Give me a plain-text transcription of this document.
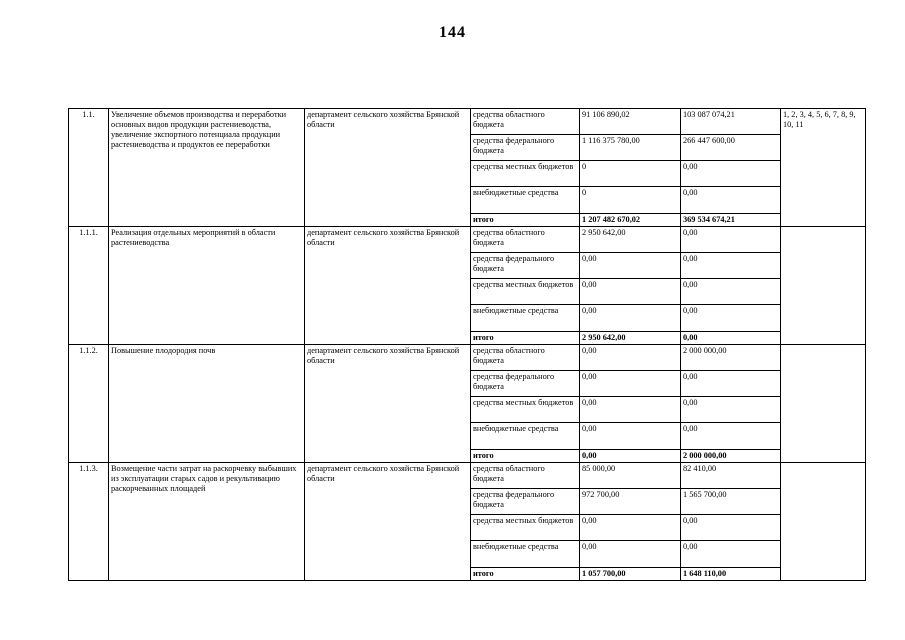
144
1.1.	Увеличение объемов производства и переработки основных видов продукции растениеводства, увеличение экспортного потенциала продукции растениеводства и продуктов ее переработки	департамент сельского хозяйства Брянской области	средства областного бюджета	91 106 890,02	103 087 074,21	1, 2, 3, 4, 5, 6, 7, 8, 9, 10, 11
			средства федерального бюджета	1 116 375 780,00	266 447 600,00	
			средства местных бюджетов	0	0,00	
			внебюджетные средства	0	0,00	
			итого	1 207 482 670,02	369 534 674,21	
1.1.1.	Реализация отдельных мероприятий в области растениеводства	департамент сельского хозяйства Брянской области	средства областного бюджета	2 950 642,00	0,00	
			средства федерального бюджета	0,00	0,00	
			средства местных бюджетов	0,00	0,00	
			внебюджетные средства	0,00	0,00	
			итого	2 950 642,00	0,00	
1.1.2.	Повышение плодородия почв	департамент сельского хозяйства Брянской области	средства областного бюджета	0,00	2 000 000,00	
			средства федерального бюджета	0,00	0,00	
			средства местных бюджетов	0,00	0,00	
			внебюджетные средства	0,00	0,00	
			итого	0,00	2 000 000,00	
1.1.3.	Возмещение части затрат на раскорчевку выбывших из эксплуатации старых садов и рекультивацию раскорчеванных площадей	департамент сельского хозяйства Брянской области	средства областного бюджета	85 000,00	82 410,00	
			средства федерального бюджета	972 700,00	1 565 700,00	
			средства местных бюджетов	0,00	0,00	
			внебюджетные средства	0,00	0,00	
			итого	1 057 700,00	1 648 110,00	
